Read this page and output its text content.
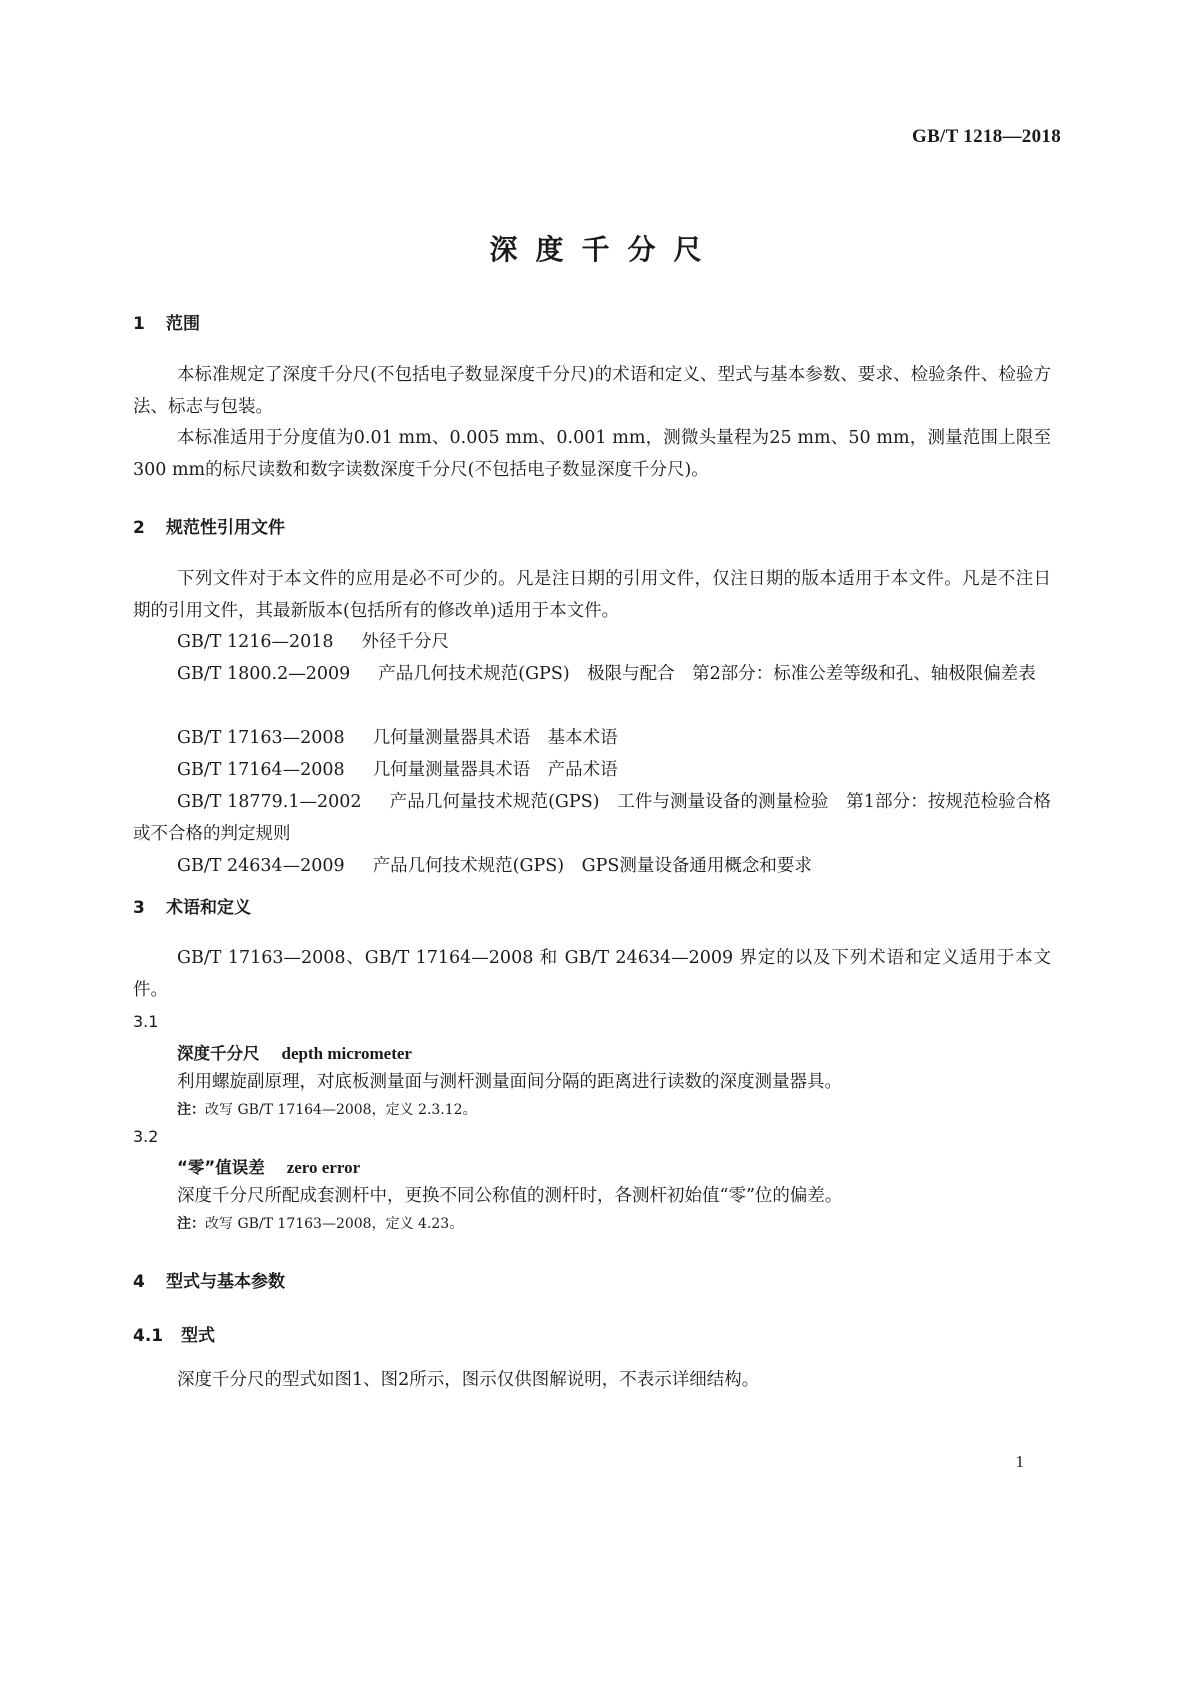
GB/T 1218—2018
深度千分尺
1 范围
本标准规定了深度千分尺(不包括电子数显深度千分尺)的术语和定义、型式与基本参数、要求、检验条件、检验方法、标志与包装。
本标准适用于分度值为0.01 mm、0.005 mm、0.001 mm，测微头量程为25 mm、50 mm，测量范围上限至300 mm的标尺读数和数字读数深度千分尺(不包括电子数显深度千分尺)。
2 规范性引用文件
下列文件对于本文件的应用是必不可少的。凡是注日期的引用文件，仅注日期的版本适用于本文件。凡是不注日期的引用文件，其最新版本(包括所有的修改单)适用于本文件。
GB/T 1216—2018 外径千分尺
GB/T 1800.2—2009 产品几何技术规范(GPS)　极限与配合　第2部分：标准公差等级和孔、轴极限偏差表
GB/T 17163—2008 几何量测量器具术语　基本术语
GB/T 17164—2008 几何量测量器具术语　产品术语
GB/T 18779.1—2002 产品几何量技术规范(GPS)　工件与测量设备的测量检验　第1部分：按规范检验合格或不合格的判定规则
GB/T 24634—2009 产品几何技术规范(GPS)　GPS测量设备通用概念和要求
3 术语和定义
GB/T 17163—2008、GB/T 17164—2008 和 GB/T 24634—2009 界定的以及下列术语和定义适用于本文件。
3.1
深度千分尺 depth micrometer
利用螺旋副原理，对底板测量面与测杆测量面间分隔的距离进行读数的深度测量器具。
注：改写 GB/T 17164—2008，定义 2.3.12。
3.2
“零”值误差 zero error
深度千分尺所配成套测杆中，更换不同公称值的测杆时，各测杆初始值“零”位的偏差。
注：改写 GB/T 17163—2008，定义 4.23。
4 型式与基本参数
4.1 型式
深度千分尺的型式如图1、图2所示，图示仅供图解说明，不表示详细结构。
1
